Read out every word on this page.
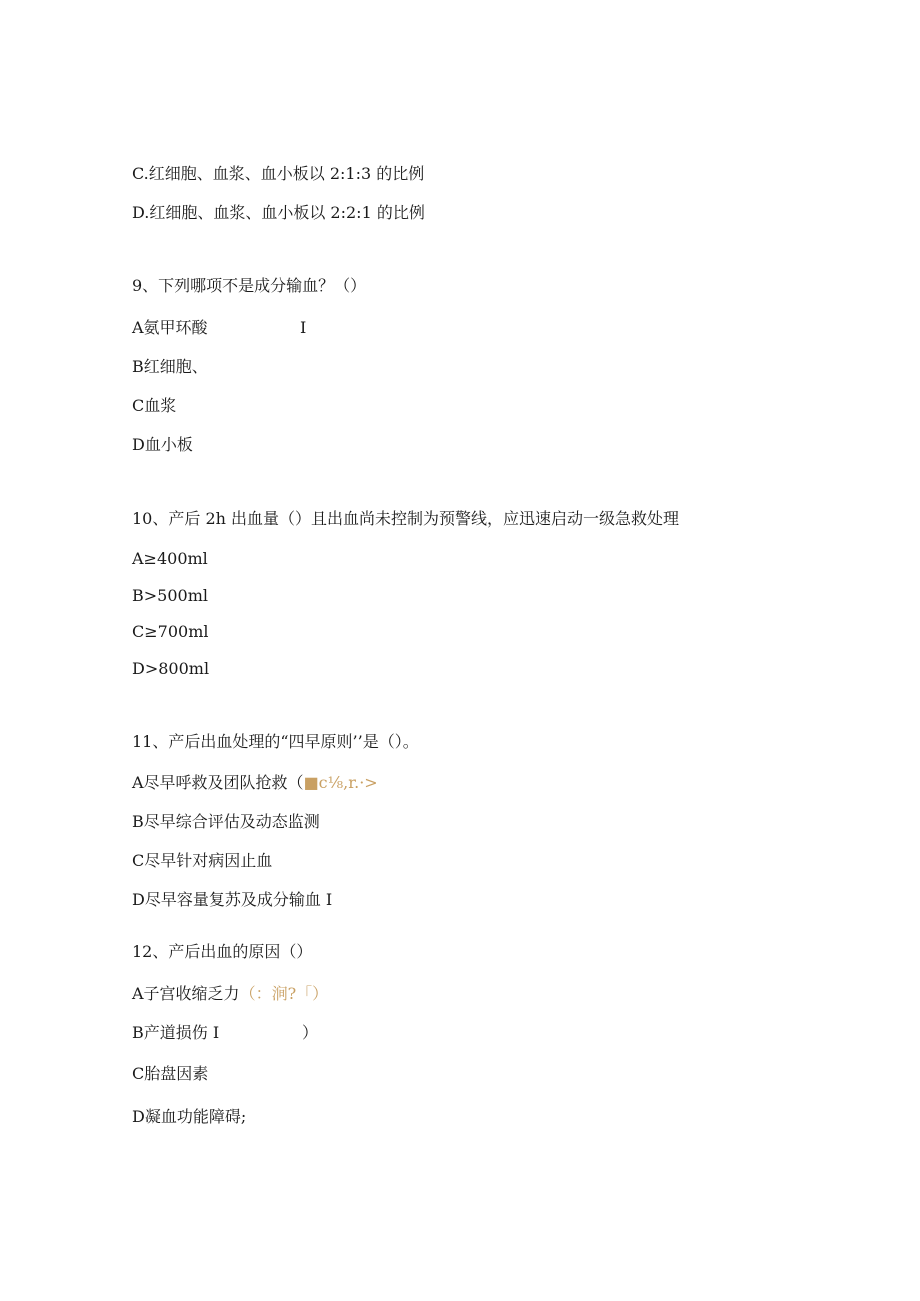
C.红细胞、血浆、血小板以 2:1:3 的比例
D.红细胞、血浆、血小板以 2:2:1 的比例
9、下列哪项不是成分输血？（）
A氨甲环酸	I
B红细胞、
C血浆
D血小板
10、产后 2h 出血量（）且出血尚未控制为预警线，应迅速启动一级急救处理
A≥400ml
B>500ml
C≥700ml
D>800ml
11、产后出血处理的“四早原则’’是（）。
A尽早呼救及团队抢救（■c⅛,r.·>
B尽早综合评估及动态监测
C尽早针对病因止血
D尽早容量复苏及成分输血 I
12、产后出血的原因（）
A子宫收缩乏力（：涧?「）
B产道损伤 I	）
C胎盘因素
D凝血功能障碍;
